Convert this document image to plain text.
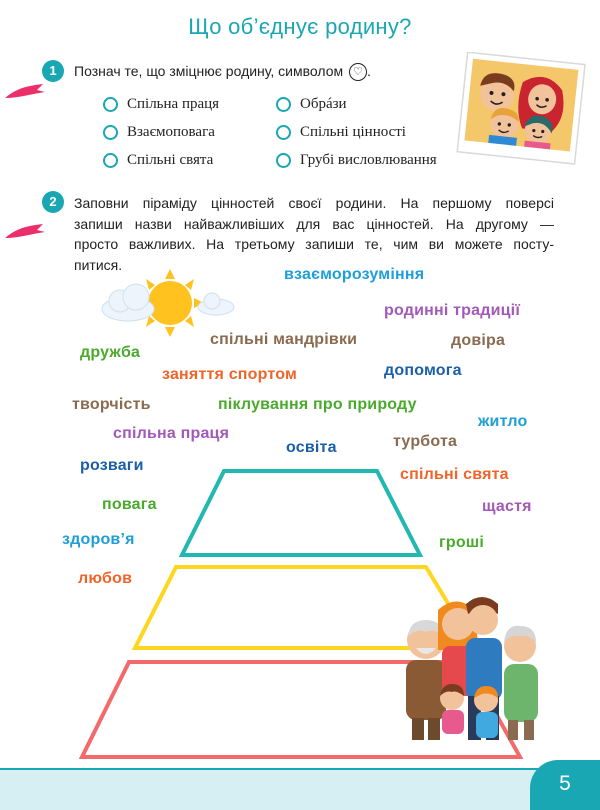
Що об’єднує родину?
1	Познач те, що зміцнює родину, символом ♡ .
Спільна праця
Взаємоповага
Спільні свята
Обрáзи
Спільні цінності
Грубі висловлювання
2	Заповни піраміду цінностей своєї родини. На першому поверсі
запиши назви найважливіших для вас цінностей. На другому —
просто важливих. На третьому запиши те, чим ви можете посту-
питися.
взаєморозуміння
родинні традиції
спільні мандрівки	довіра
дружба
заняття спортом	допомога
творчість	піклування про природу
житло
спільна праця
освіта	турбота
розваги
спільні свята
повага	щастя
здоров’я	гроші
любов
5
